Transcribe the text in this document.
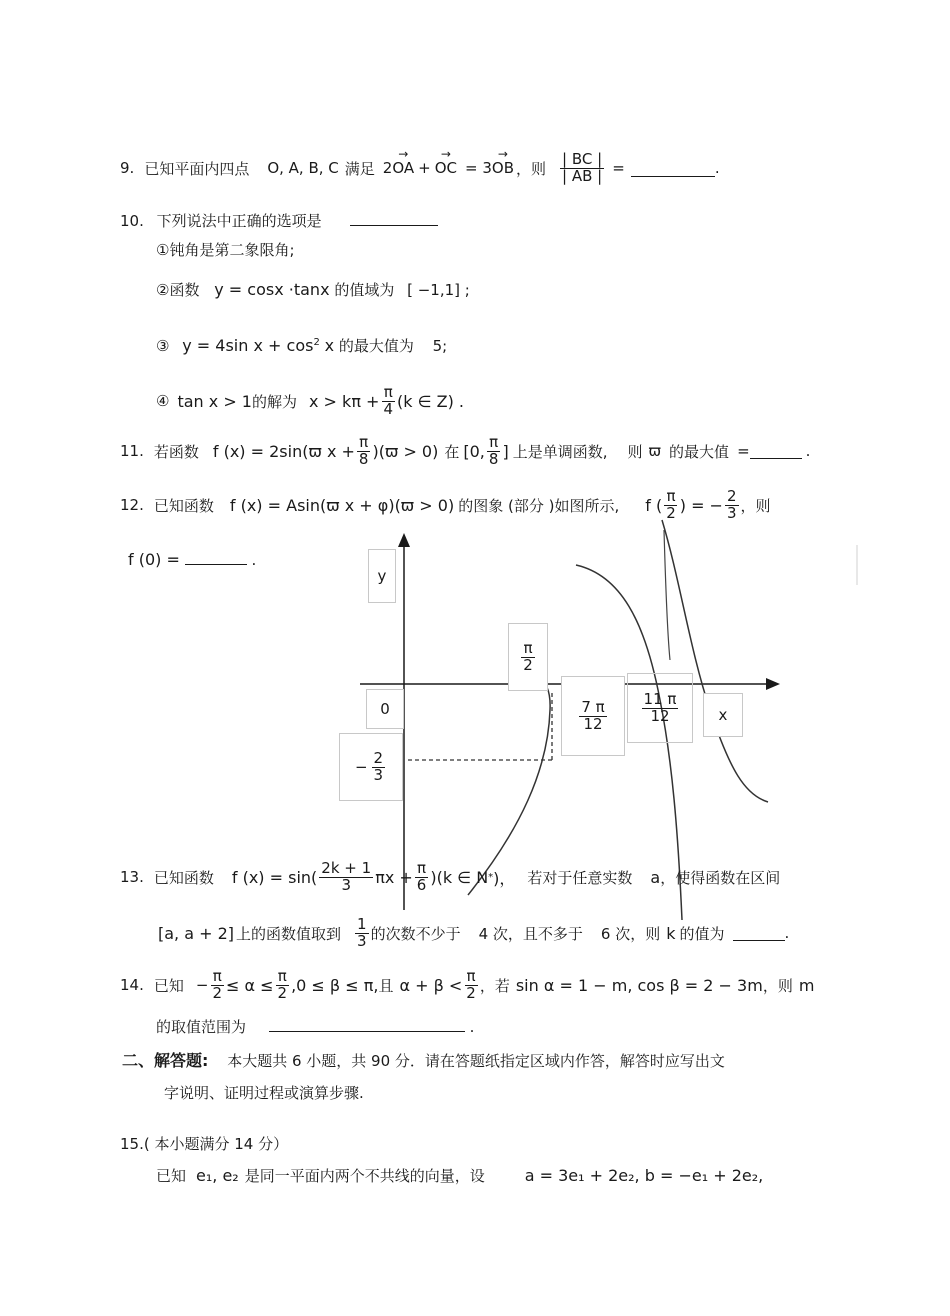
9. 已知平面内四点 O, A, B, C 满足 2 → OA + → OC = 3 → OB ，则 $\frac{| BC |}{| AB |}$ =	.
10. 下列说法中正确的选项是
①钝角是第二象限角;
②函数 y = cosx ·tanx 的值域为 [ −1,1] ;
③ y = 4sin $x + \cos^2 x$ 的最大值为 5;
④ tan x > 1 的解为 $x > k\pi + \frac{\pi}{4} (k$ ∈ Z) .
11. 若函数 f (x) = 2sin(ϖ $x + \frac{\pi}{8} )(ϖ > 0)$ 在 [0, $\frac{\pi}{8}$ ] 上是单调函数, 则 ϖ 的最大值 =	.
12. 已知函数 f (x) = Asin(ϖ x + φ)(ϖ > 0) 的图象 (部分 )如图所示, f ( $\frac{\pi}{2}$ ) = − $\frac{2}{3}$ ，则
f (0) =	.
y
0
$\frac{\pi}{2}$
$\frac{7 \pi}{12} \frac{11 \pi}{12}$	x
− $\frac{2}{3}$
13. 已知函数 f $(x) = \sin( \frac{2k + 1}{3}$ $\pi x + \frac{\pi}{6} )(k$ ∈ N * )， 若对于任意实数 a ，使得函数在区间
[a, a + 2] 上的函数值取到 $\frac{1}{3}$ 的次数不少于 4 次，且不多于 6 次，则 k 的值为	.
14. 已知 − $\frac{\pi}{2} \le \alpha \le \frac{\pi}{2} ,0 \le \beta \le \pi$, 且 $\alpha + \beta < \frac{\pi}{2}$ ，若 sin α = 1 − m, cos β = 2 − 3m ，则 m
的取值范围为	.
二、解答题: 本大题共 6 小题，共 90 分．请在答题纸指定区域内作答，解答时应写出文
字说明、证明过程或演算步骤.
15.( 本小题满分 14 分）
已知 e₁, e₂ 是同一平面内两个不共线的向量，设	a = 3e₁ + 2e₂, b = −e₁ + 2e₂,
